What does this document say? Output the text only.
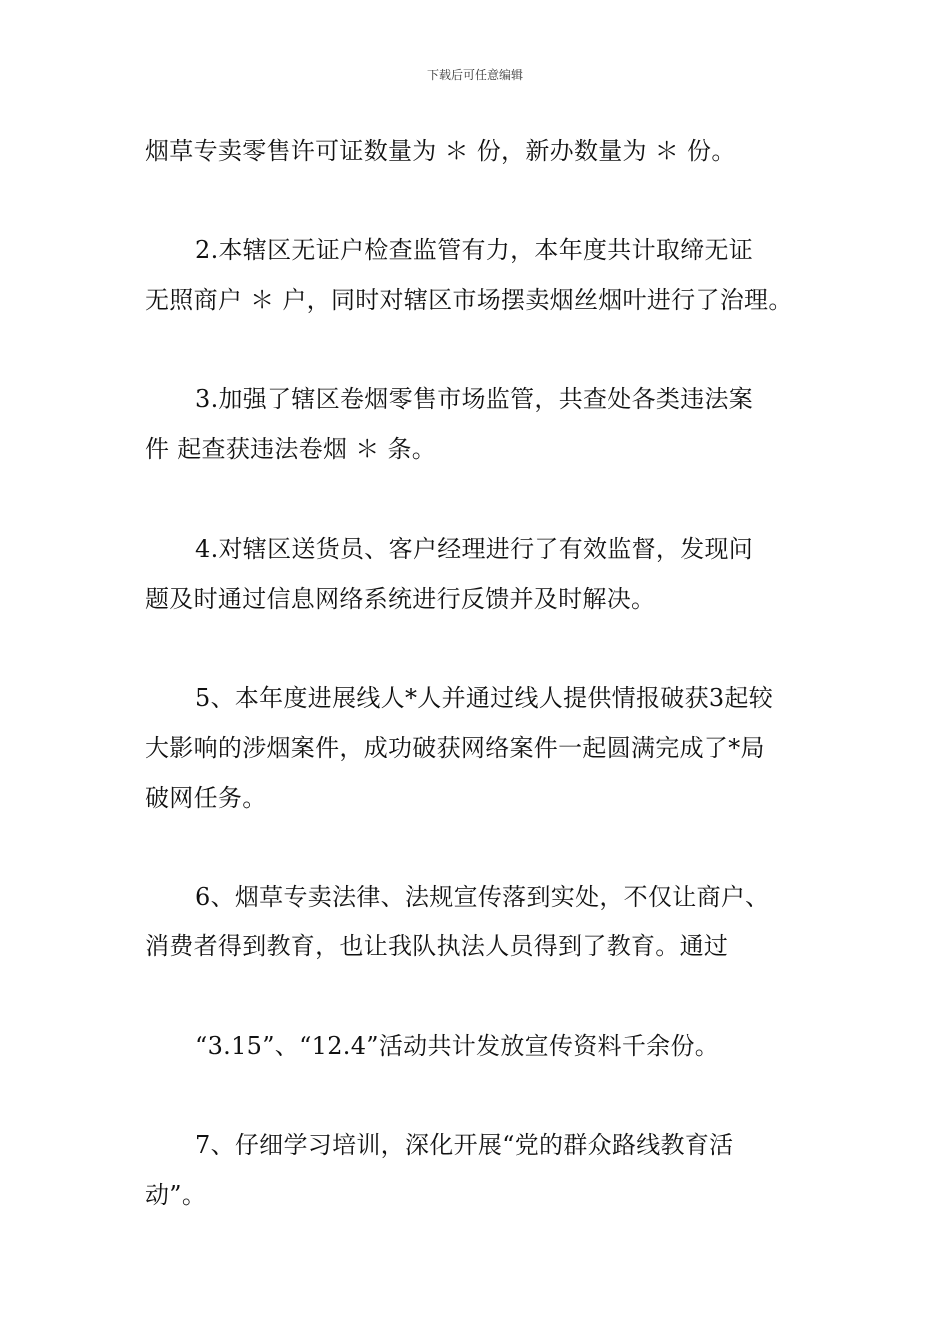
下载后可任意编辑
烟草专卖零售许可证数量为 ＊ 份，新办数量为 ＊ 份。
2.本辖区无证户检查监管有力，本年度共计取缔无证
无照商户 ＊ 户，同时对辖区市场摆卖烟丝烟叶进行了治理。
3.加强了辖区卷烟零售市场监管，共查处各类违法案
件 起查获违法卷烟 ＊ 条。
4.对辖区送货员、客户经理进行了有效监督，发现问
题及时通过信息网络系统进行反馈并及时解决。
5、本年度进展线人*人并通过线人提供情报破获3起较
大影响的涉烟案件，成功破获网络案件一起圆满完成了*局
破网任务。
6、烟草专卖法律、法规宣传落到实处，不仅让商户、
消费者得到教育，也让我队执法人员得到了教育。通过
“3.15”、“12.4”活动共计发放宣传资料千余份。
7、仔细学习培训，深化开展“党的群众路线教育活
动”。
